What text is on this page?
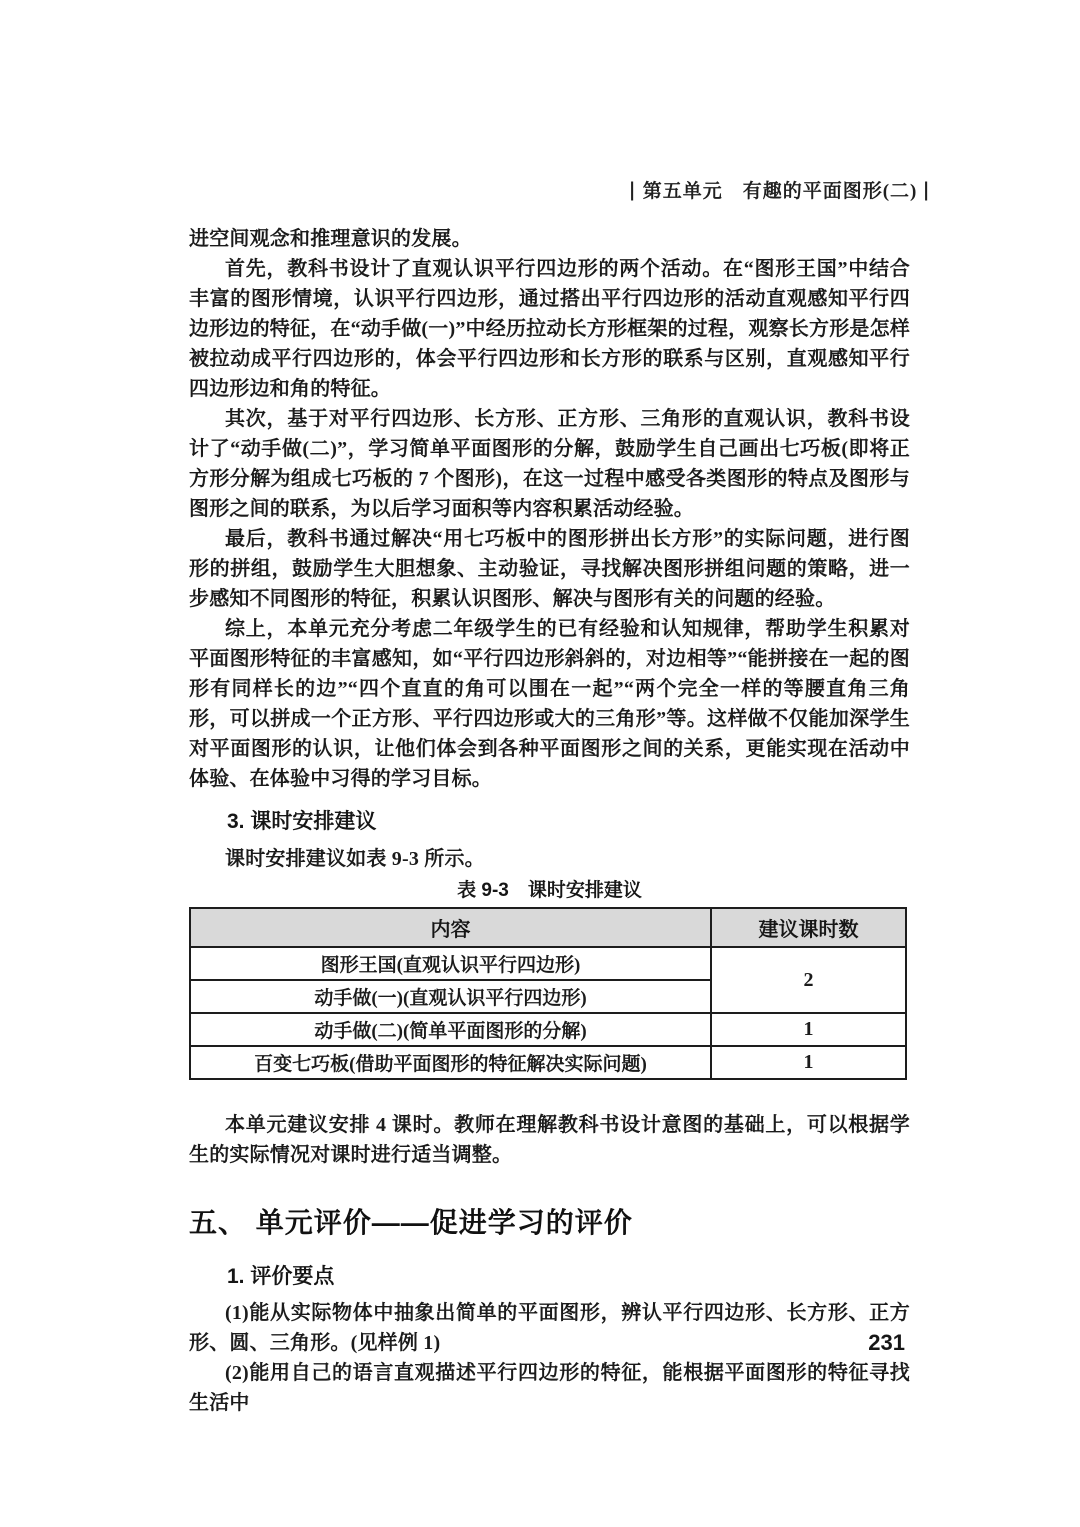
| 第五单元　有趣的平面图形(二) |

进空间观念和推理意识的发展。

首先，教科书设计了直观认识平行四边形的两个活动。在“图形王国”中结合丰富的图形情境，认识平行四边形，通过搭出平行四边形的活动直观感知平行四边形边的特征，在“动手做(一)”中经历拉动长方形框架的过程，观察长方形是怎样被拉动成平行四边形的，体会平行四边形和长方形的联系与区别，直观感知平行四边形边和角的特征。

其次，基于对平行四边形、长方形、正方形、三角形的直观认识，教科书设计了“动手做(二)”，学习简单平面图形的分解，鼓励学生自己画出七巧板(即将正方形分解为组成七巧板的 7 个图形)，在这一过程中感受各类图形的特点及图形与图形之间的联系，为以后学习面积等内容积累活动经验。

最后，教科书通过解决“用七巧板中的图形拼出长方形”的实际问题，进行图形的拼组，鼓励学生大胆想象、主动验证，寻找解决图形拼组问题的策略，进一步感知不同图形的特征，积累认识图形、解决与图形有关的问题的经验。

综上，本单元充分考虑二年级学生的已有经验和认知规律，帮助学生积累对平面图形特征的丰富感知，如“平行四边形斜斜的，对边相等”“能拼接在一起的图形有同样长的边”“四个直直的角可以围在一起”“两个完全一样的等腰直角三角形，可以拼成一个正方形、平行四边形或大的三角形”等。这样做不仅能加深学生对平面图形的认识，让他们体会到各种平面图形之间的关系，更能实现在活动中体验、在体验中习得的学习目标。

3. 课时安排建议

课时安排建议如表 9-3 所示。

表 9-3　课时安排建议
内容	建议课时数
图形王国(直观认识平行四边形)	2
动手做(一)(直观认识平行四边形)	
动手做(二)(简单平面图形的分解)	1
百变七巧板(借助平面图形的特征解决实际问题)	1

本单元建议安排 4 课时。教师在理解教科书设计意图的基础上，可以根据学生的实际情况对课时进行适当调整。

五、 单元评价——促进学习的评价
1. 评价要点

(1)能从实际物体中抽象出简单的平面图形，辨认平行四边形、长方形、正方形、圆、三角形。(见样例 1)

(2)能用自己的语言直观描述平行四边形的特征，能根据平面图形的特征寻找生活中

231
